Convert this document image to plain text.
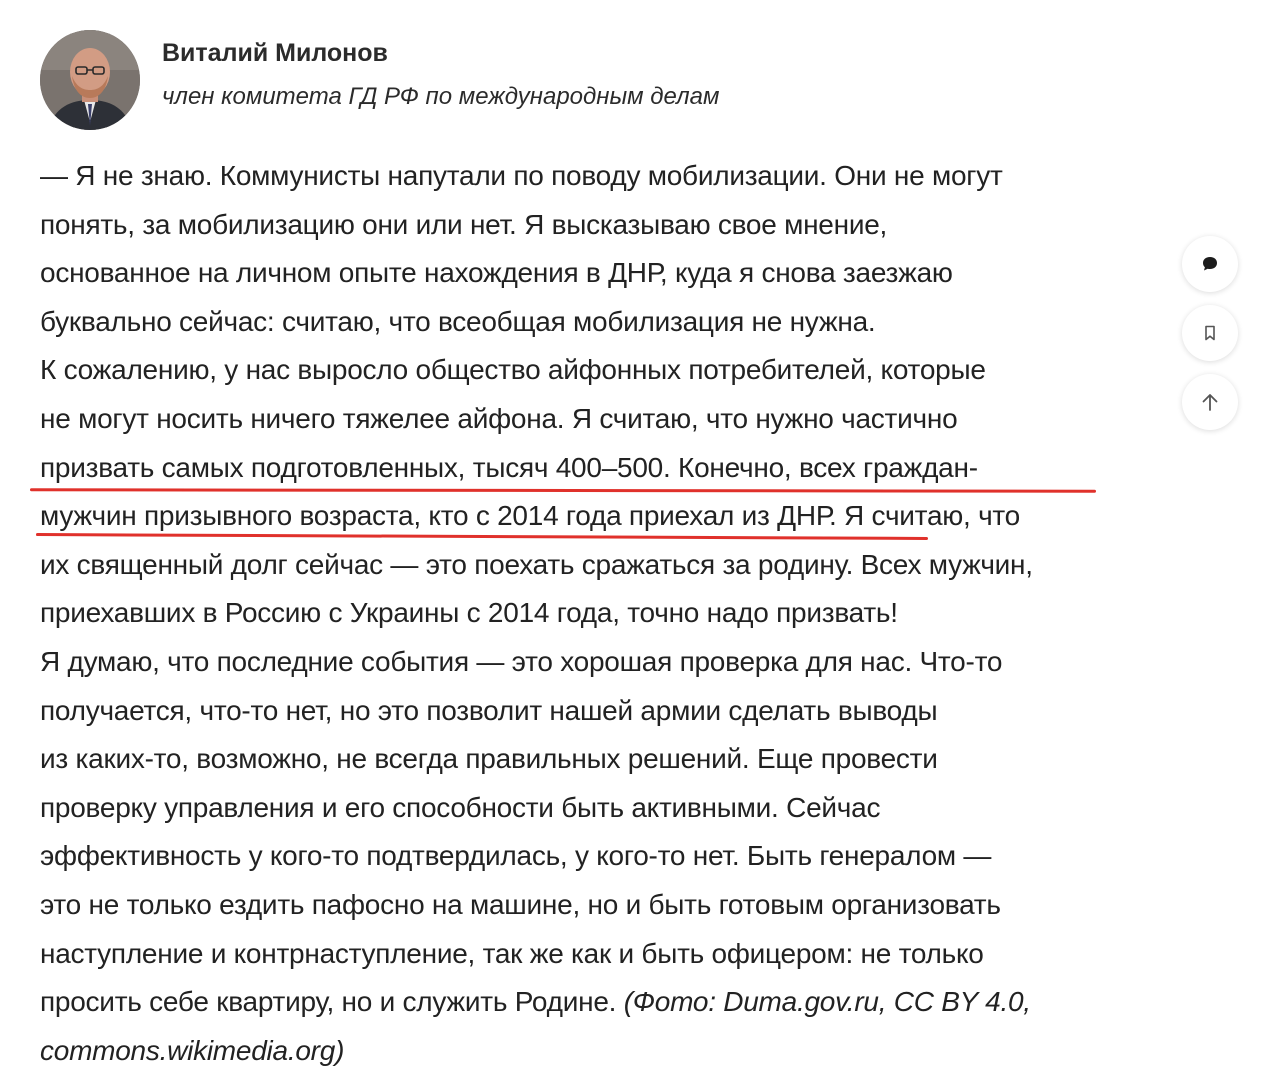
Виталий Милонов
член комитета ГД РФ по международным делам
— Я не знаю. Коммунисты напутали по поводу мобилизации. Они не могут
понять, за мобилизацию они или нет. Я высказываю свое мнение,
основанное на личном опыте нахождения в ДНР, куда я снова заезжаю
буквально сейчас: считаю, что всеобщая мобилизация не нужна.
К сожалению, у нас выросло общество айфонных потребителей, которые
не могут носить ничего тяжелее айфона. Я считаю, что нужно частично
призвать самых подготовленных, тысяч 400–500. Конечно, всех граждан-
мужчин призывного возраста, кто с 2014 года приехал из ДНР. Я считаю, что
их священный долг сейчас — это поехать сражаться за родину. Всех мужчин,
приехавших в Россию с Украины с 2014 года, точно надо призвать!
Я думаю, что последние события — это хорошая проверка для нас. Что-то
получается, что-то нет, но это позволит нашей армии сделать выводы
из каких-то, возможно, не всегда правильных решений. Еще провести
проверку управления и его способности быть активными. Сейчас
эффективность у кого-то подтвердилась, у кого-то нет. Быть генералом —
это не только ездить пафосно на машине, но и быть готовым организовать
наступление и контрнаступление, так же как и быть офицером: не только
просить себе квартиру, но и служить Родине. (Фото: Duma.gov.ru, CC BY 4.0,
commons.wikimedia.org)
